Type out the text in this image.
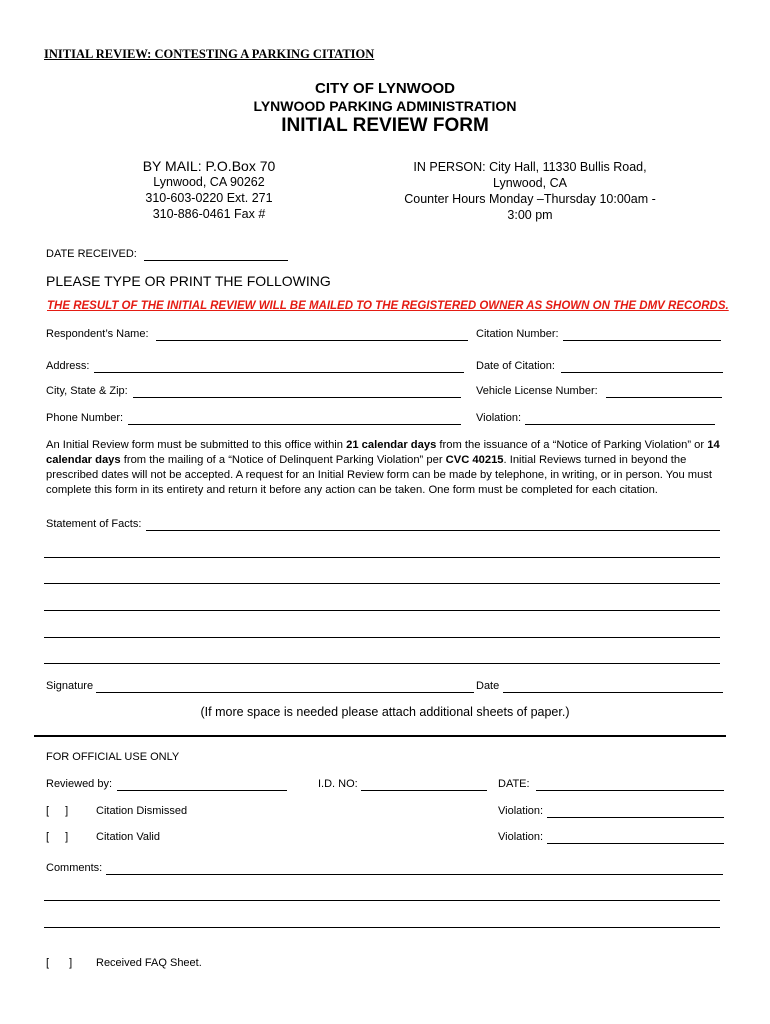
INITIAL REVIEW: CONTESTING A PARKING CITATION
CITY OF LYNWOOD
LYNWOOD PARKING ADMINISTRATION
INITIAL REVIEW FORM
BY MAIL: P.O.Box 70
Lynwood, CA 90262
310-603-0220 Ext. 271
310-886-0461 Fax #
IN PERSON: City Hall, 11330 Bullis Road,
Lynwood, CA
Counter Hours Monday –Thursday 10:00am -
3:00 pm
DATE RECEIVED:
PLEASE TYPE OR PRINT THE FOLLOWING
THE RESULT OF THE INITIAL REVIEW WILL BE MAILED TO THE REGISTERED OWNER AS SHOWN ON THE DMV RECORDS.
Respondent’s Name:	Citation Number:
Address:	Date of Citation:
City, State & Zip:	Vehicle License Number:
Phone Number:	Violation:
An Initial Review form must be submitted to this office within 21 calendar days from the issuance of a “Notice of Parking Violation” or 14 calendar days from the mailing of a “Notice of Delinquent Parking Violation” per CVC 40215. Initial Reviews turned in beyond the prescribed dates will not be accepted. A request for an Initial Review form can be made by telephone, in writing, or in person. You must complete this form in its entirety and return it before any action can be taken. One form must be completed for each citation.
Statement of Facts:
Signature	Date
(If more space is needed please attach additional sheets of paper.)
FOR OFFICIAL USE ONLY
Reviewed by:	I.D. NO:	DATE:
[ ]	Citation Dismissed	Violation:
[ ]	Citation Valid	Violation:
Comments:
[ ] Received FAQ Sheet.
